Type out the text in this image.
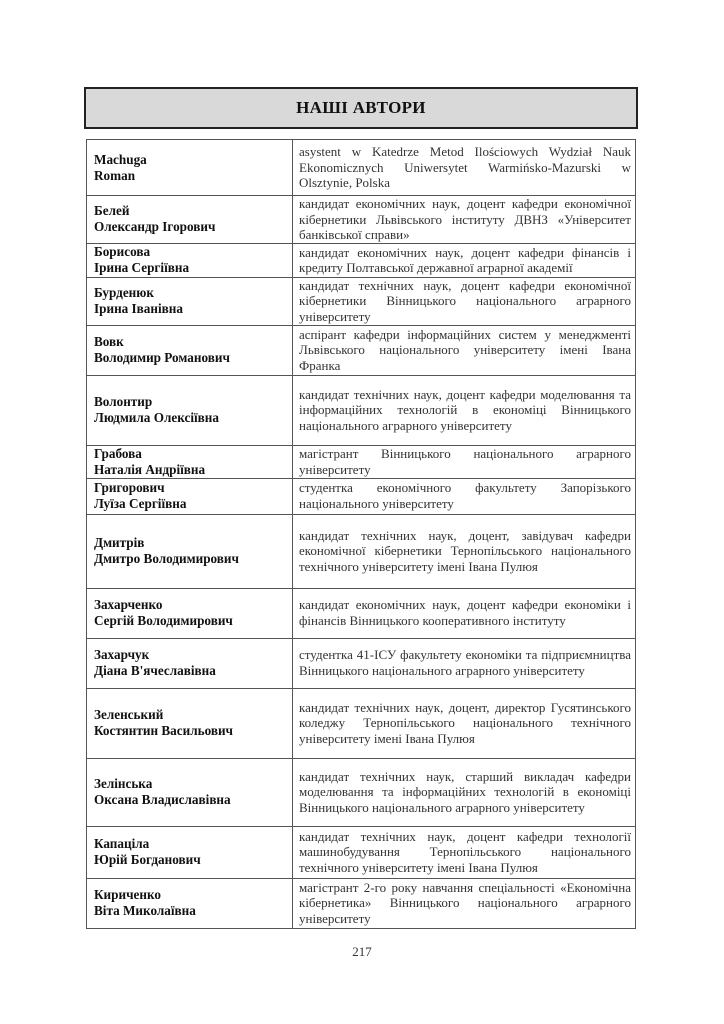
НАШІ АВТОРИ
Machuga
Roman	asystent w Katedrze Metod Ilościowych Wydział Nauk Ekonomicznych Uniwersytet Warmińsko-Mazurski w Olsztynie, Polska

Белей
Олександр Ігорович	кандидат економічних наук, доцент кафедри економічної кібернетики Львівського інституту ДВНЗ «Університет банківської справи»

Борисова
Ірина Сергіївна	кандидат економічних наук, доцент кафедри фінансів і кредиту Полтавської державної аграрної академії

Бурденюк
Ірина Іванівна	кандидат технічних наук, доцент кафедри економічної кібернетики Вінницького національного аграрного університету

Вовк
Володимир Романович	аспірант кафедри інформаційних систем у менеджменті Львівського національного університету імені Івана Франка

Волонтир
Людмила Олексіївна	кандидат технічних наук, доцент кафедри моделювання та інформаційних технологій в економіці Вінницького національного аграрного університету

Грабова
Наталія Андріївна	магістрант Вінницького національного аграрного університету

Григорович
Луїза Сергіївна	студентка економічного факультету Запорізького національного університету

Дмитрів
Дмитро Володимирович	кандидат технічних наук, доцент, завідувач кафедри економічної кібернетики Тернопільського національного технічного університету імені Івана Пулюя

Захарченко
Сергій Володимирович	кандидат економічних наук, доцент кафедри економіки і фінансів Вінницького кооперативного інституту

Захарчук
Діана В'ячеславівна	студентка 41-ІСУ факультету економіки та підприємництва Вінницького національного аграрного університету

Зеленський
Костянтин Васильович	кандидат технічних наук, доцент, директор Гусятинського коледжу Тернопільського національного технічного університету імені Івана Пулюя

Зелінська
Оксана Владиславівна	кандидат технічних наук, старший викладач кафедри моделювання та інформаційних технологій в економіці Вінницького національного аграрного університету

Капацiла
Юрiй Богданович	кандидат технічних наук, доцент кафедри технології машинобудування Тернопільського національного технічного університету імені Івана Пулюя

Кириченко
Віта Миколаївна	магістрант 2-го року навчання спеціальності «Економічна кібернетика» Вінницького національного аграрного університету
217
